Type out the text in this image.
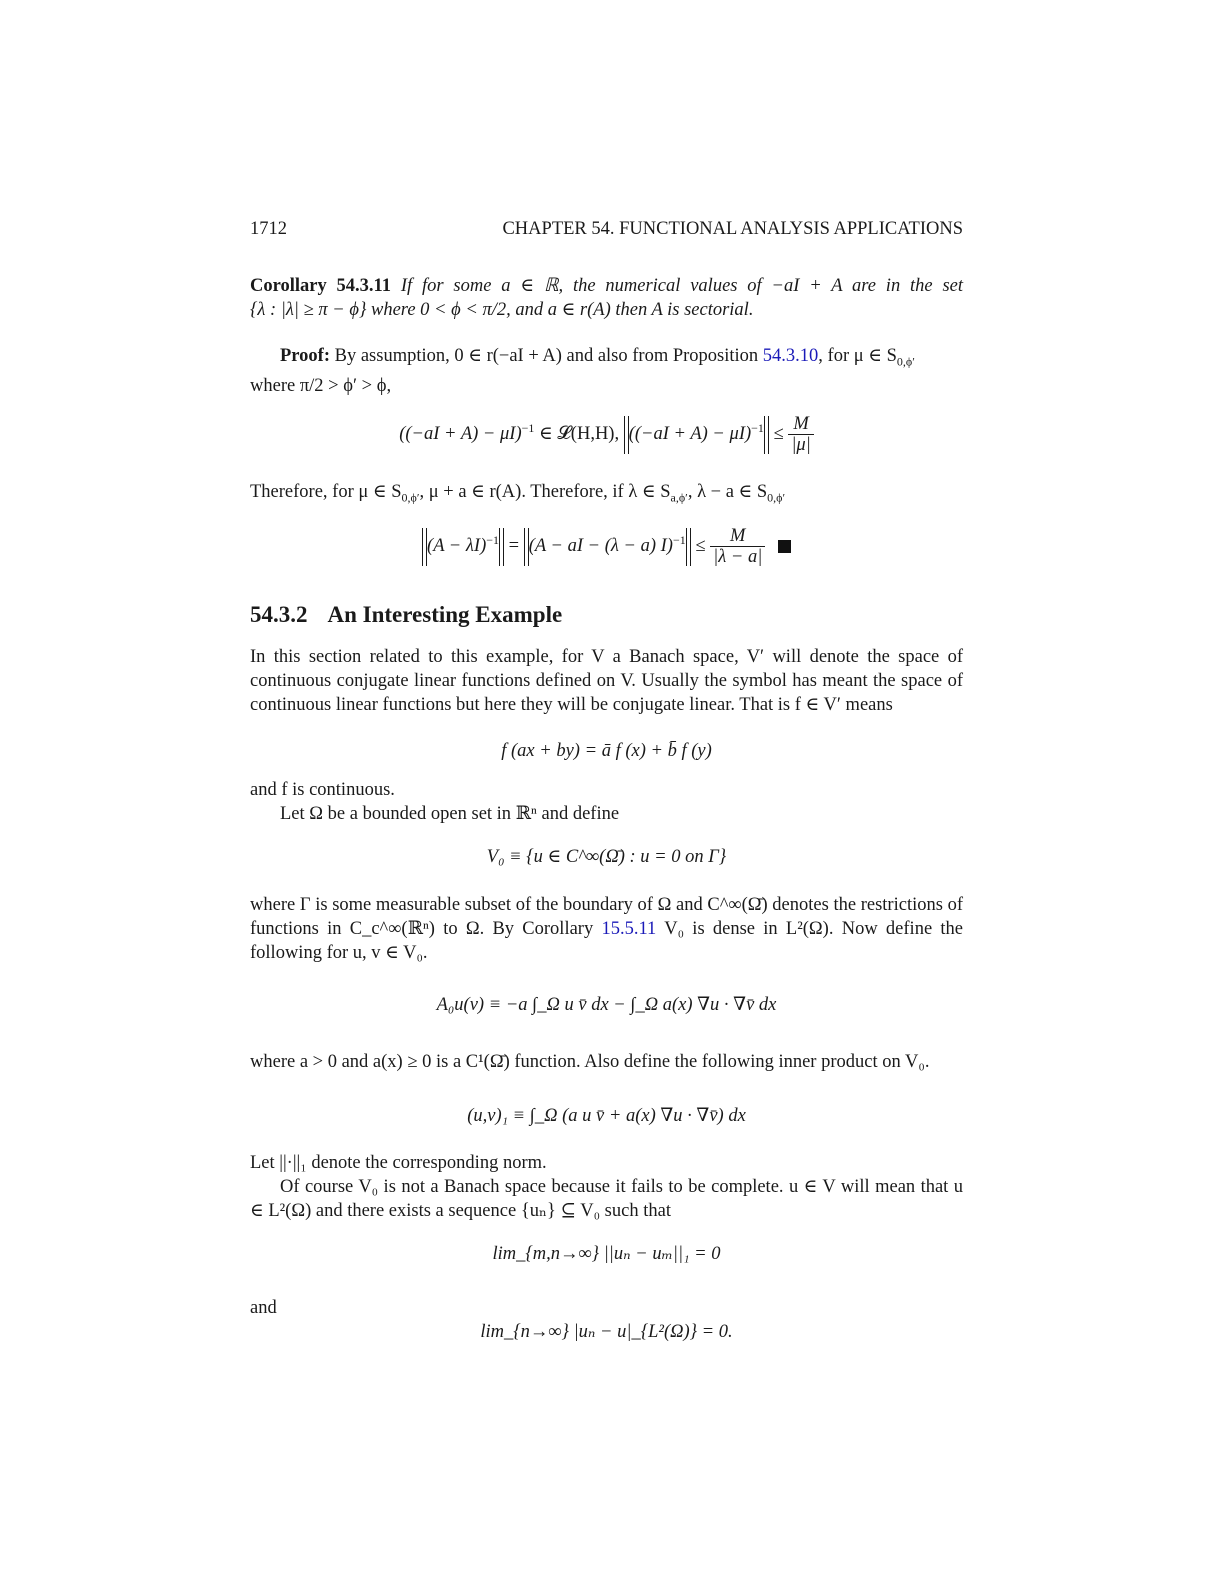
1712	CHAPTER 54. FUNCTIONAL ANALYSIS APPLICATIONS
Corollary 54.3.11 If for some a ∈ ℝ, the numerical values of −aI + A are in the set
{λ : |λ| ≥ π − ϕ} where 0 < ϕ < π/2, and a ∈ r(A) then A is sectorial.
Proof: By assumption, 0 ∈ r(−aI + A) and also from Proposition 54.3.10, for μ ∈ $S_{0,\phi'}$
where π/2 > ϕ′ > ϕ,
$((-aI + A) - \mu I)^{-1}$ ∈ 𝓛(H,H), $((-aI + A) - \mu I)^{-1} \le \frac{M}{|\mu|}$
Therefore, for μ ∈ $S_{0,\phi'}$, μ + a ∈ r(A). Therefore, if λ ∈ $S_{a,\phi'}$, λ − a ∈ $S_{0,\phi'}$
$(A - \lambda I)^{-1} = (A$ − aI − (λ − a) $I)^{-1} \le \frac{M}{|\lambda - a|}$

54.3.2 An Interesting Example
In this section related to this example, for V a Banach space, V′ will denote the space of continuous conjugate linear functions defined on V. Usually the symbol has meant the space of continuous linear functions but here they will be conjugate linear. That is f ∈ V′ means
f (ax + by) = ā f (x) + b̄ f (y)
and f is continuous.
Let Ω be a bounded open set in ℝⁿ and define
V₀ ≡ {u ∈ C^∞(Ω̄) : u = 0 on Γ}
where Γ is some measurable subset of the boundary of Ω and C^∞(Ω̄) denotes the restrictions of functions in C_c^∞(ℝⁿ) to Ω. By Corollary 15.5.11 V₀ is dense in L²(Ω). Now define the following for u, v ∈ V₀.
A₀u(v) ≡ −a ∫_Ω u v̄ dx − ∫_Ω a(x) ∇u · ∇v̄ dx
where a > 0 and a(x) ≥ 0 is a C¹(Ω̄) function. Also define the following inner product on V₀.
(u,v)₁ ≡ ∫_Ω (a u v̄ + a(x) ∇u · ∇v̄) dx
Let ||·||₁ denote the corresponding norm.
Of course V₀ is not a Banach space because it fails to be complete. u ∈ V will mean that u ∈ L²(Ω) and there exists a sequence {uₙ} ⊆ V₀ such that
lim_{m,n→∞} ||uₙ − uₘ||₁ = 0
and
lim_{n→∞} |uₙ − u|_{L²(Ω)} = 0.
